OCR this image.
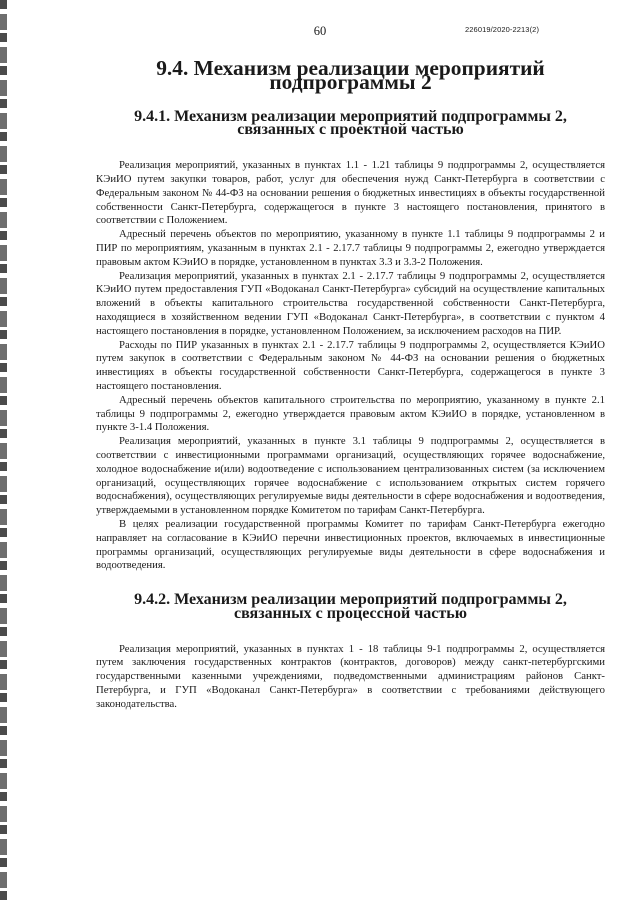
60	226019/2020-2213(2)
9.4. Механизм реализации мероприятий подпрограммы 2
9.4.1. Механизм реализации мероприятий подпрограммы 2,
связанных с проектной частью

Реализация мероприятий, указанных в пунктах 1.1 - 1.21 таблицы 9 подпрограммы 2, осуществляется КЭиИО путем закупки товаров, работ, услуг для обеспечения нужд Санкт-Петербурга в соответствии с Федеральным законом № 44-ФЗ на основании решения о бюджетных инвестициях в объекты государственной собственности Санкт-Петербурга, содержащегося в пункте 3 настоящего постановления, принятого в соответствии с Положением.

Адресный перечень объектов по мероприятию, указанному в пункте 1.1 таблицы 9 подпрограммы 2 и ПИР по мероприятиям, указанным в пунктах 2.1 - 2.17.7 таблицы 9 подпрограммы 2, ежегодно утверждается правовым актом КЭиИО в порядке, установленном в пунктах 3.3 и 3.3-2 Положения.

Реализация мероприятий, указанных в пунктах 2.1 - 2.17.7 таблицы 9 подпрограммы 2, осуществляется КЭиИО путем предоставления ГУП «Водоканал Санкт-Петербурга» субсидий на осуществление капитальных вложений в объекты капитального строительства государственной собственности Санкт-Петербурга, находящиеся в хозяйственном ведении ГУП «Водоканал Санкт-Петербурга», в соответствии с пунктом 4 настоящего постановления в порядке, установленном Положением, за исключением расходов на ПИР.

Расходы по ПИР указанных в пунктах 2.1 - 2.17.7 таблицы 9 подпрограммы 2, осуществляется КЭиИО путем закупок в соответствии с Федеральным законом № 44-ФЗ на основании решения о бюджетных инвестициях в объекты государственной собственности Санкт-Петербурга, содержащегося в пункте 3 настоящего постановления.

Адресный перечень объектов капитального строительства по мероприятию, указанному в пункте 2.1 таблицы 9 подпрограммы 2, ежегодно утверждается правовым актом КЭиИО в порядке, установленном в пункте 3-1.4 Положения.

Реализация мероприятий, указанных в пункте 3.1 таблицы 9 подпрограммы 2, осуществляется в соответствии с инвестиционными программами организаций, осуществляющих горячее водоснабжение, холодное водоснабжение и(или) водоотведение с использованием централизованных систем (за исключением организаций, осуществляющих горячее водоснабжение с использованием открытых систем горячего водоснабжения), осуществляющих регулируемые виды деятельности в сфере водоснабжения и водоотведения, утверждаемыми в установленном порядке Комитетом по тарифам Санкт-Петербурга.

В целях реализации государственной программы Комитет по тарифам Санкт-Петербурга ежегодно направляет на согласование в КЭиИО перечни инвестиционных проектов, включаемых в инвестиционные программы организаций, осуществляющих регулируемые виды деятельности в сфере водоснабжения и водоотведения.

9.4.2. Механизм реализации мероприятий подпрограммы 2,
связанных с процессной частью

Реализация мероприятий, указанных в пунктах 1 - 18 таблицы 9-1 подпрограммы 2, осуществляется путем заключения государственных контрактов (контрактов, договоров) между санкт-петербургскими государственными казенными учреждениями, подведомственными администрациям районов Санкт-Петербурга, и ГУП «Водоканал Санкт-Петербурга» в соответствии с требованиями действующего законодательства.
